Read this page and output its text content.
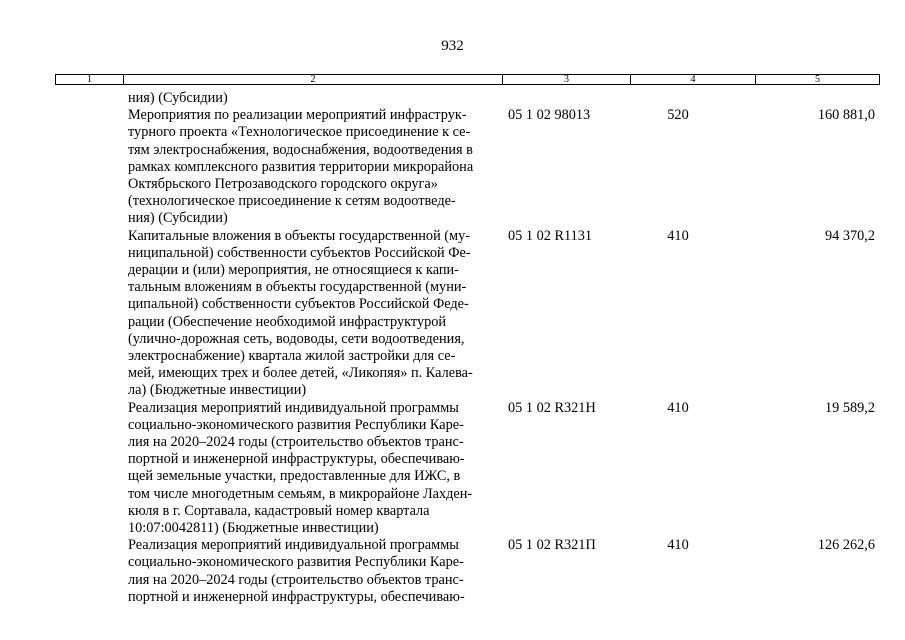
932
1	2	3	4	5
ния) (Субсидии)
Мероприятия по реализации мероприятий инфраструк-
турного проекта «Технологическое присоединение к се-
тям электроснабжения, водоснабжения, водоотведения в
рамках комплексного развития территории микрорайона
Октябрьского Петрозаводского городского округа»
(технологическое присоединение к сетям водоотведе-
ния) (Субсидии)
05 1 02 98013	520	160 881,0
Капитальные вложения в объекты государственной (му-
ниципальной) собственности субъектов Российской Фе-
дерации и (или) мероприятия, не относящиеся к капи-
тальным вложениям в объекты государственной (муни-
ципальной) собственности субъектов Российской Феде-
рации (Обеспечение необходимой инфраструктурой
(улично-дорожная сеть, водоводы, сети водоотведения,
электроснабжение) квартала жилой застройки для се-
мей, имеющих трех и более детей, «Ликопяя» п. Калева-
ла) (Бюджетные инвестиции)
05 1 02 R1131	410	94 370,2
Реализация мероприятий индивидуальной программы
социально-экономического развития Республики Каре-
лия на 2020–2024 годы (строительство объектов транс-
портной и инженерной инфраструктуры, обеспечиваю-
щей земельные участки, предоставленные для ИЖС, в
том числе многодетным семьям, в микрорайоне Лахден-
кюля в г. Сортавала, кадастровый номер квартала
10:07:0042811) (Бюджетные инвестиции)
05 1 02 R321Н	410	19 589,2
Реализация мероприятий индивидуальной программы
социально-экономического развития Республики Каре-
лия на 2020–2024 годы (строительство объектов транс-
портной и инженерной инфраструктуры, обеспечиваю-
05 1 02 R321П	410	126 262,6
